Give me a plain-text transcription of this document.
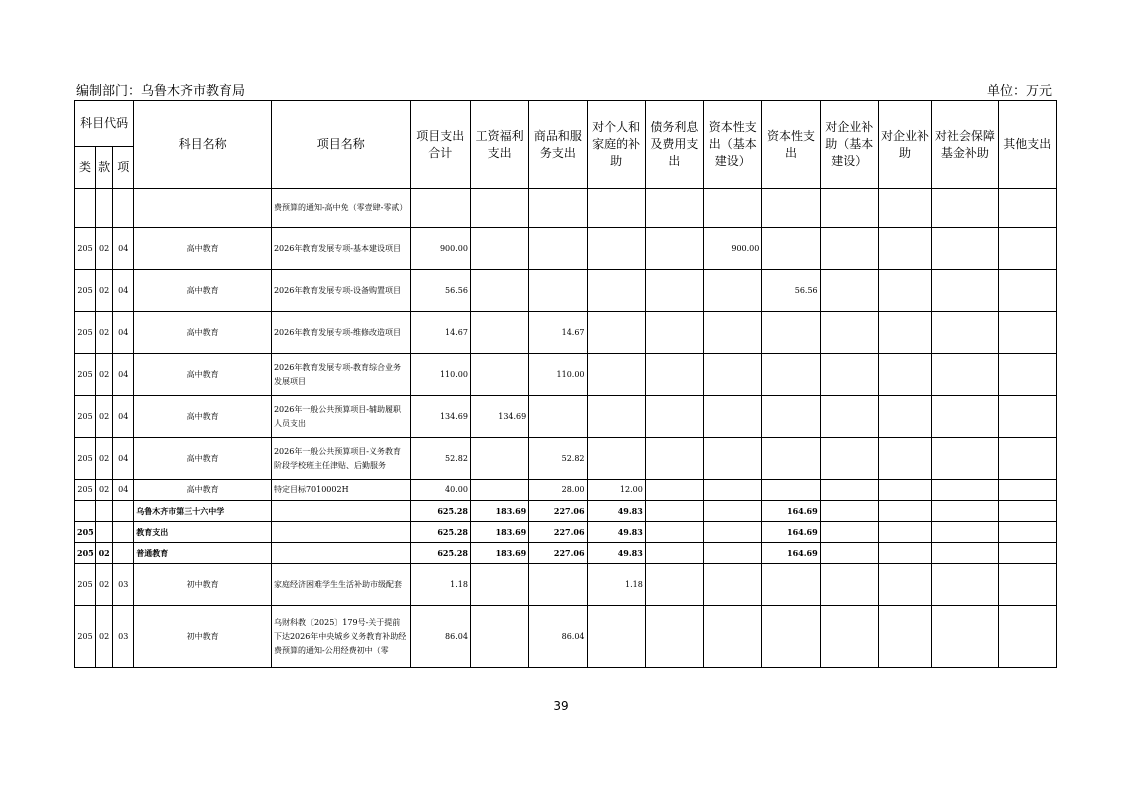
编制部门：乌鲁木齐市教育局	单位：万元
科目代码			科目名称	项目名称	项目支出合计	工资福利支出	商品和服务支出	对个人和家庭的补助	债务利息及费用支出	资本性支出（基本建设）	资本性支出	对企业补助（基本建设）	对企业补助	对社会保障基金补助	其他支出
类	款	项													
				费预算的通知-高中免（零壹肆-零贰）											
205	02	04	高中教育	2026年教育发展专项-基本建设项目	900.00					900.00					
205	02	04	高中教育	2026年教育发展专项-设备购置项目	56.56						56.56				
205	02	04	高中教育	2026年教育发展专项-维修改造项目	14.67		14.67								
205	02	04	高中教育	2026年教育发展专项-教育综合业务发展项目	110.00		110.00								
205	02	04	高中教育	2026年一般公共预算项目-辅助履职人员支出	134.69	134.69									
205	02	04	高中教育	2026年一般公共预算项目-义务教育阶段学校班主任津贴、后勤服务	52.82		52.82								
205	02	04	高中教育	特定目标7010002H	40.00		28.00	12.00							
			乌鲁木齐市第三十六中学		625.28	183.69	227.06	49.83			164.69				
205			教育支出		625.28	183.69	227.06	49.83			164.69				
205	02		普通教育		625.28	183.69	227.06	49.83			164.69				
205	02	03	初中教育	家庭经济困难学生生活补助市级配套	1.18			1.18							
205	02	03	初中教育	乌财科教〔2025〕179号-关于提前下达2026年中央城乡义务教育补助经费预算的通知-公用经费初中（零	86.04		86.04								
39
